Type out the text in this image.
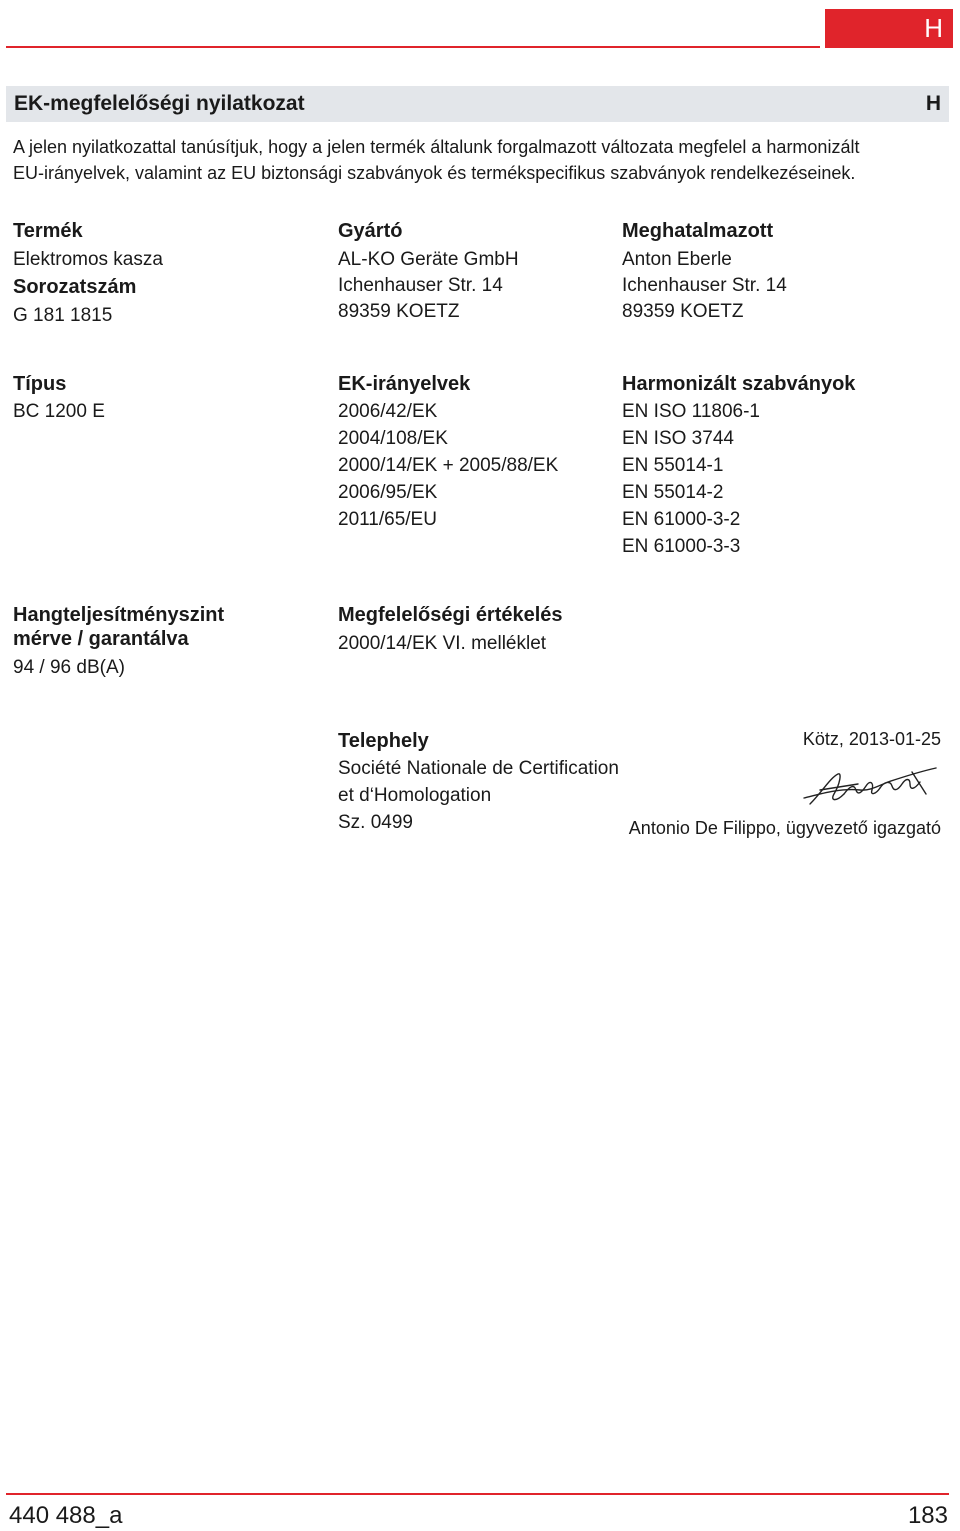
H
EK-megfelelőségi nyilatkozat	H
A jelen nyilatkozattal tanúsítjuk, hogy a jelen termék általunk forgalmazott változata megfelel a harmonizált EU-irányelvek, valamint az EU biztonsági szabványok és termékspecifikus szabványok rendelkezéseinek.
Termék
Elektromos kasza
Sorozatszám
G 181 1815
Gyártó
AL-KO Geräte GmbH
Ichenhauser Str. 14
89359 KOETZ
Meghatalmazott
Anton Eberle
Ichenhauser Str. 14
89359 KOETZ
Típus
BC 1200 E
EK-irányelvek
2006/42/EK
2004/108/EK
2000/14/EK + 2005/88/EK
2006/95/EK
2011/65/EU
Harmonizált szabványok
EN ISO 11806-1
EN ISO 3744
EN 55014-1
EN 55014-2
EN 61000-3-2
EN 61000-3-3
Hangteljesítményszint
mérve / garantálva
94 / 96 dB(A)
Megfelelőségi értékelés
2000/14/EK VI. melléklet
Telephely
Société Nationale de Certification
et d‘Homologation
Sz. 0499
Kötz, 2013-01-25
Antonio De Filippo, ügyvezető igazgató
440 488_a	183
